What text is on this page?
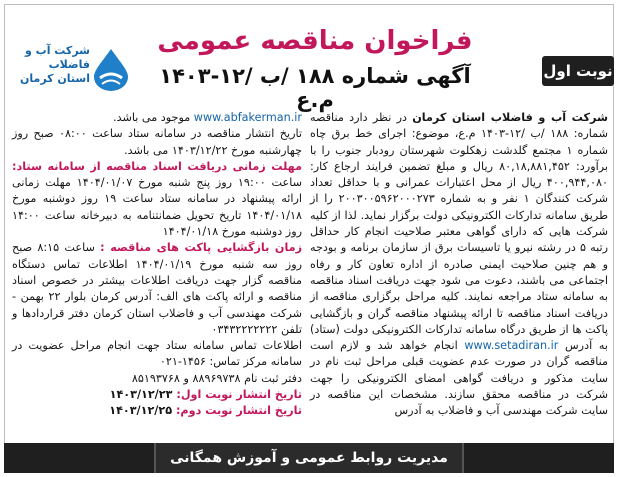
شرکت آب و فاضلاب استان کرمان
فراخوان مناقصه عمومی
آگهی شماره ۱۸۸ /ب /۱۲-۱۴۰۳ م.ع
نوبت اول

شرکت آب و فاضلاب استان کرمان در نظر دارد مناقصه شماره: ۱۸۸ /ب /۱۲-۱۴۰۳ م.ع، موضوع: اجرای خط برق چاه شماره ۱ مجتمع گلدشت زهکلوت شهرستان رودبار جنوب را با برآورد: ۸۰,۱۸,۸۸۱,۴۵۲ ریال و مبلغ تضمین فرایند ارجاع کار: ۴۰۰,۹۴۴,۰۸۰ ریال از محل اعتبارات عمرانی و با حداقل تعداد شرکت کنندگان ۱ نفر و به شماره ۲۰۰۳۰۰۵۹۶۲۰۰۰۲۷۳ را از طریق سامانه تدارکات الکترونیکی دولت برگزار نماید. لذا از کلیه شرکت هایی که دارای گواهی معتبر صلاحیت انجام کار حداقل رتبه ۵ در رشته نیرو یا تاسیسات برق از سازمان برنامه و بودجه و هم چنین صلاحیت ایمنی صادره از اداره تعاون کار و رفاه اجتماعی می باشند، دعوت می شود جهت دریافت اسناد مناقصه به سامانه ستاد مراجعه نمایند. کلیه مراحل برگزاری مناقصه از دریافت اسناد مناقصه تا ارائه پیشنهاد مناقصه گران و بازگشایی پاکت ها از طریق درگاه سامانه تدارکات الکترونیکی دولت (ستاد) به آدرس www.setadiran.ir انجام خواهد شد و لازم است مناقصه گران در صورت عدم عضویت قبلی مراحل ثبت نام در سایت مذکور و دریافت گواهی امضای الکترونیکی را جهت شرکت در مناقصه محقق سازند. مشخصات این مناقصه در سایت شرکت مهندسی آب و فاضلاب به آدرس

www.abfakerman.ir موجود می باشد.

تاریخ انتشار مناقصه در سامانه ستاد ساعت ۰۸:۰۰ صبح روز چهارشنبه مورخ ۱۴۰۳/۱۲/۲۲ می باشد.

مهلت زمانی دریافت اسناد مناقصه از سامانه ستاد: ساعت ۱۹:۰۰ روز پنج شنبه مورخ ۱۴۰۴/۰۱/۰۷ مهلت زمانی ارائه پیشنهاد در سامانه ستاد ساعت ۱۹ روز دوشنبه مورخ ۱۴۰۴/۰۱/۱۸ تاریخ تحویل ضمانتنامه به دبیرخانه ساعت ۱۴:۰۰ روز دوشنبه مورخ ۱۴۰۴/۰۱/۱۸

زمان بازگشایی پاکت های مناقصه : ساعت ۸:۱۵ صبح روز سه شنبه مورخ ۱۴۰۴/۰۱/۱۹ اطلاعات تماس دستگاه مناقصه گزار جهت دریافت اطلاعات بیشتر در خصوص اسناد مناقصه و ارائه پاکت های الف: آدرس کرمان بلوار ۲۲ بهمن - شرکت مهندسی آب و فاضلاب استان کرمان دفتر قراردادها و تلفن ۰۳۴۳۲۲۲۲۲۲۲

اطلاعات تماس سامانه ستاد جهت انجام مراحل عضویت در سامانه مرکز تماس: ۱۴۵۶-۰۲۱

دفتر ثبت نام ۸۸۹۶۹۷۳۸ و ۸۵۱۹۳۷۶۸

تاریخ انتشار نوبت اول: ۱۴۰۳/۱۲/۲۳

تاریخ انتشار نوبت دوم: ۱۴۰۳/۱۲/۲۵

مدیریت روابط عمومی و آموزش همگانی
